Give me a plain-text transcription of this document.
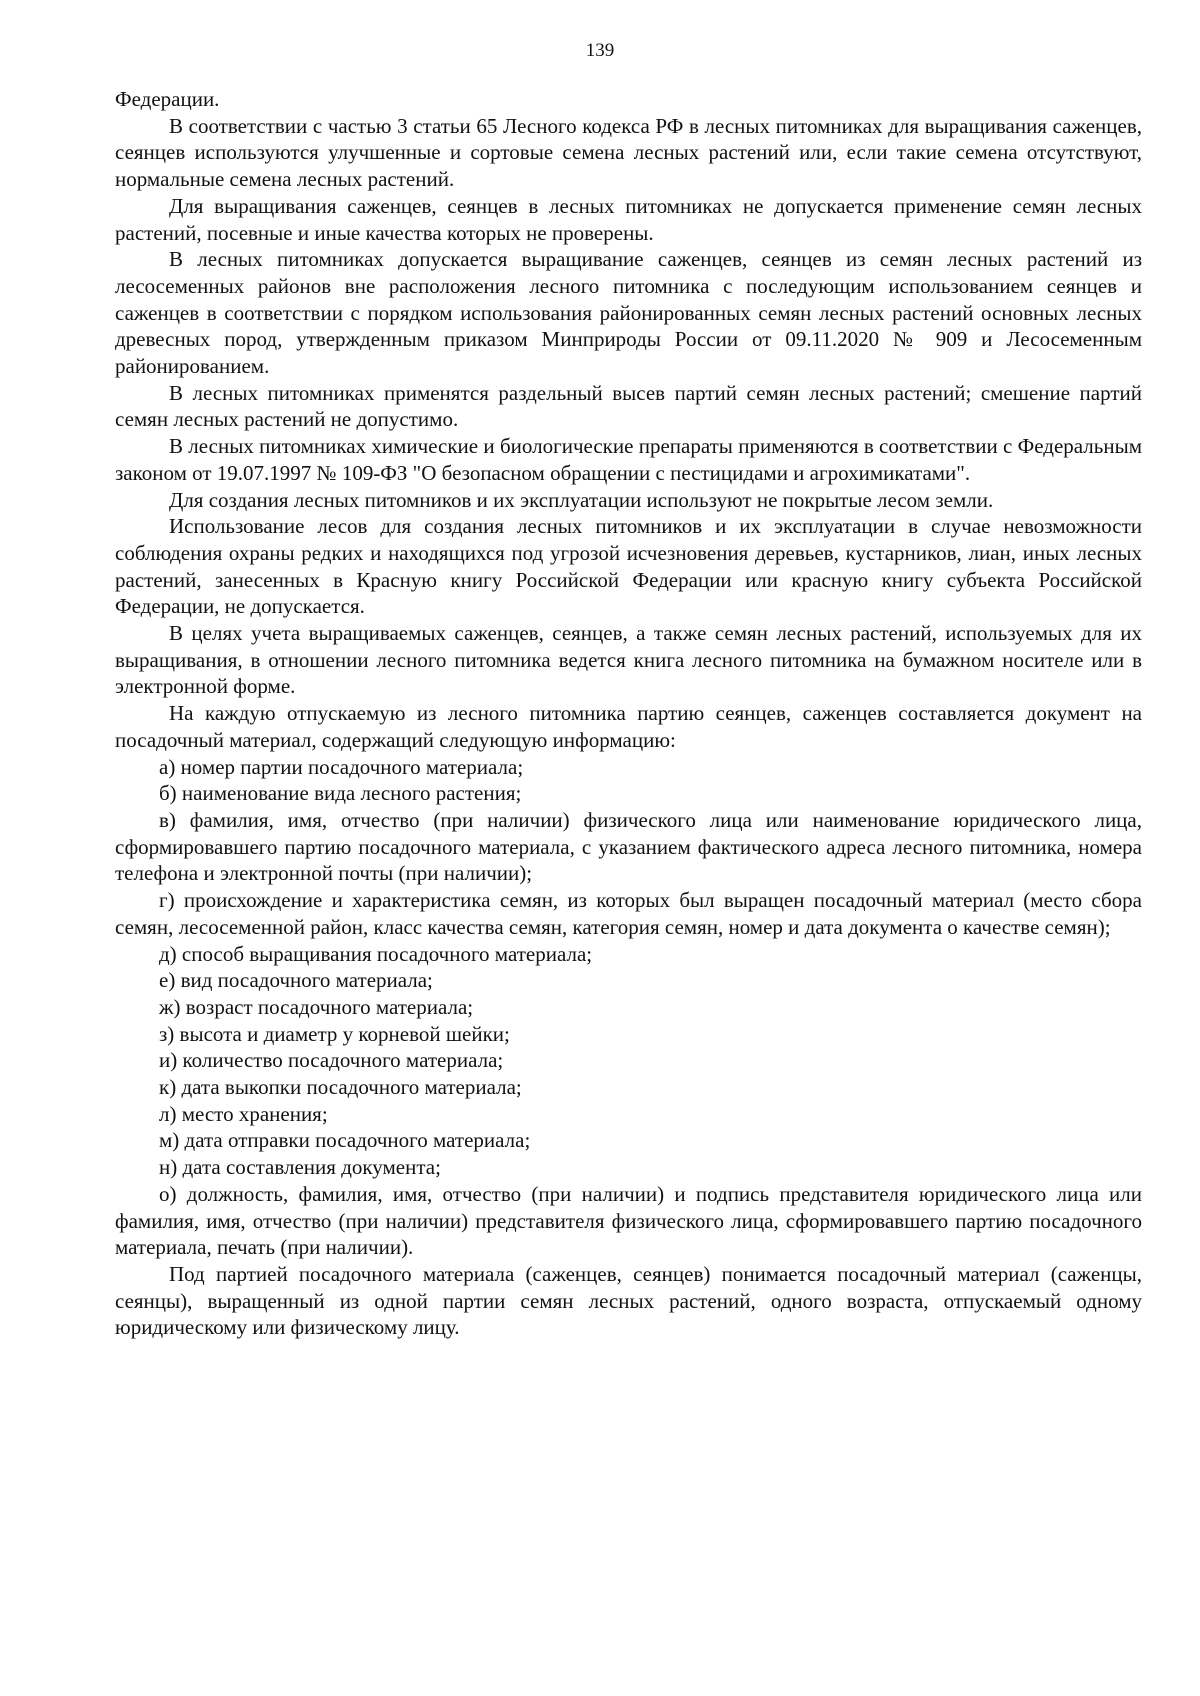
139

Федерации.

В соответствии с частью 3 статьи 65 Лесного кодекса РФ в лесных питомниках для выращивания саженцев, сеянцев используются улучшенные и сортовые семена лесных растений или, если такие семена отсутствуют, нормальные семена лесных растений.

Для выращивания саженцев, сеянцев в лесных питомниках не допускается применение семян лесных растений, посевные и иные качества которых не проверены.

В лесных питомниках допускается выращивание саженцев, сеянцев из семян лесных растений из лесосеменных районов вне расположения лесного питомника с последующим использованием сеянцев и саженцев в соответствии с порядком использования районированных семян лесных растений основных лесных древесных пород, утвержденным приказом Минприроды России от 09.11.2020 № 909 и Лесосеменным районированием.

В лесных питомниках применятся раздельный высев партий семян лесных растений; смешение партий семян лесных растений не допустимо.

В лесных питомниках химические и биологические препараты применяются в соответствии с Федеральным законом от 19.07.1997 № 109-ФЗ "О безопасном обращении с пестицидами и агрохимикатами".

Для создания лесных питомников и их эксплуатации используют не покрытые лесом земли.

Использование лесов для создания лесных питомников и их эксплуатации в случае невозможности соблюдения охраны редких и находящихся под угрозой исчезновения деревьев, кустарников, лиан, иных лесных растений, занесенных в Красную книгу Российской Федерации или красную книгу субъекта Российской Федерации, не допускается.

В целях учета выращиваемых саженцев, сеянцев, а также семян лесных растений, используемых для их выращивания, в отношении лесного питомника ведется книга лесного питомника на бумажном носителе или в электронной форме.

На каждую отпускаемую из лесного питомника партию сеянцев, саженцев составляется документ на посадочный материал, содержащий следующую информацию:

а) номер партии посадочного материала;

б) наименование вида лесного растения;

в) фамилия, имя, отчество (при наличии) физического лица или наименование юридического лица, сформировавшего партию посадочного материала, с указанием фактического адреса лесного питомника, номера телефона и электронной почты (при наличии);

г) происхождение и характеристика семян, из которых был выращен посадочный материал (место сбора семян, лесосеменной район, класс качества семян, категория семян, номер и дата документа о качестве семян);

д) способ выращивания посадочного материала;

е) вид посадочного материала;

ж) возраст посадочного материала;

з) высота и диаметр у корневой шейки;

и) количество посадочного материала;

к) дата выкопки посадочного материала;

л) место хранения;

м) дата отправки посадочного материала;

н) дата составления документа;

о) должность, фамилия, имя, отчество (при наличии) и подпись представителя юридического лица или фамилия, имя, отчество (при наличии) представителя физического лица, сформировавшего партию посадочного материала, печать (при наличии).

Под партией посадочного материала (саженцев, сеянцев) понимается посадочный материал (саженцы, сеянцы), выращенный из одной партии семян лесных растений, одного возраста, отпускаемый одному юридическому или физическому лицу.
